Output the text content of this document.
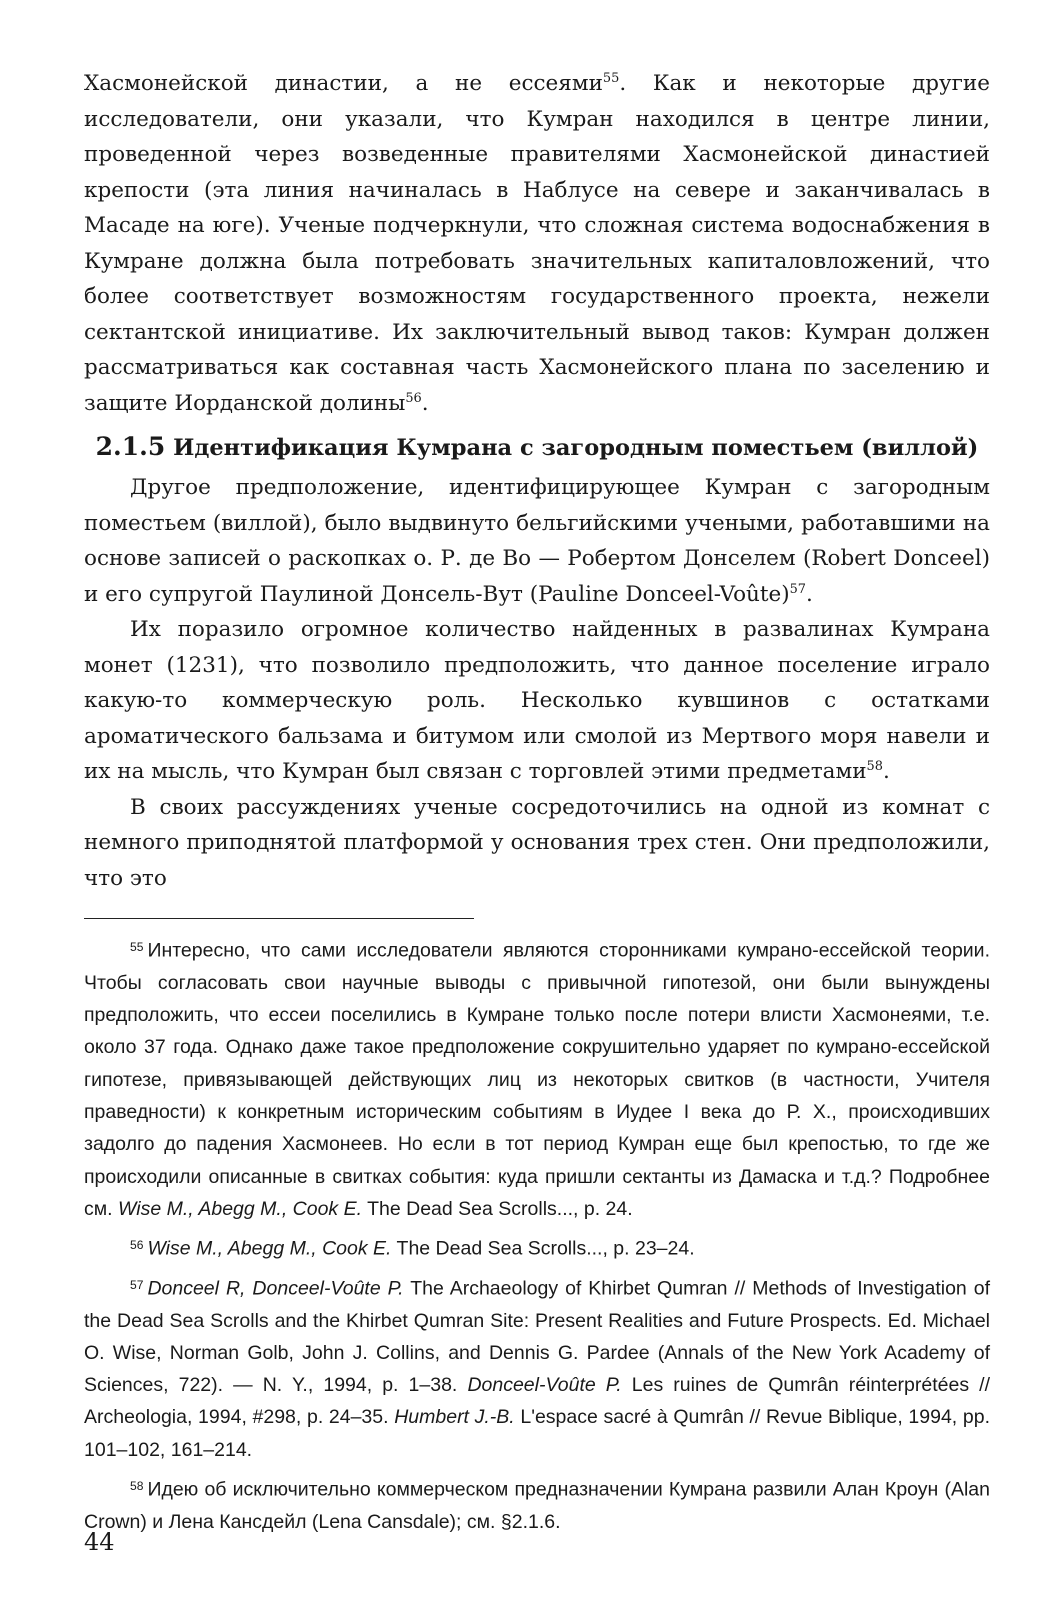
Хасмонейской династии, а не ессеями$^{55}$. Как и некоторые другие исследователи, они указали, что Кумран находился в центре линии, проведенной через возведенные правителями Хасмонейской династией крепости (эта линия начиналась в Наблусе на севере и заканчивалась в Масаде на юге). Ученые подчеркнули, что сложная система водоснабжения в Кумране должна была потребовать значительных капиталовложений, что более соответствует возможностям государственного проекта, нежели сектантской инициативе. Их заключительный вывод таков: Кумран должен рассматриваться как составная часть Хасмонейского плана по заселению и защите Иорданской долины$^{56}$.

2.1.5 Идентификация Кумрана с загородным поместьем (виллой)

Другое предположение, идентифицирующее Кумран с загородным поместьем (виллой), было выдвинуто бельгийскими учеными, работавшими на основе записей о раскопках о. Р. де Во — Робертом Донселем (Robert Donceel) и его супругой Паулиной Донсель-Вут (Pauline Donceel-Voûte)$^{57}$.

Их поразило огромное количество найденных в развалинах Кумрана монет (1231), что позволило предположить, что данное поселение играло какую-то коммерческую роль. Несколько кувшинов с остатками ароматического бальзама и битумом или смолой из Мертвого моря навели и их на мысль, что Кумран был связан с торговлей этими предметами$^{58}$.

В своих рассуждениях ученые сосредоточились на одной из комнат с немного приподнятой платформой у основания трех стен. Они предположили, что это

$^{55}$ Интересно, что сами исследователи являются сторонниками кумрано-ессейской теории. Чтобы согласовать свои научные выводы с привычной гипотезой, они были вынуждены предположить, что ессеи поселились в Кумране только после потери влисти Хасмонеями, т.е. около 37 года. Однако даже такое предположение сокрушительно ударяет по кумрано-ессейской гипотезе, привязывающей действующих лиц из некоторых свитков (в частности, Учителя праведности) к конкретным историческим событиям в Иудее I века до Р. Х., происходивших задолго до падения Хасмонеев. Но если в тот период Кумран еще был крепостью, то где же происходили описанные в свитках события: куда пришли сектанты из Дамаска и т.д.? Подробнее см. Wise M., Abegg M., Cook E. The Dead Sea Scrolls..., p. 24.

$^{56}$ Wise M., Abegg M., Cook E. The Dead Sea Scrolls..., p. 23–24.

$^{57}$ Donceel R, Donceel-Voûte P. The Archaeology of Khirbet Qumran // Methods of Investigation of the Dead Sea Scrolls and the Khirbet Qumran Site: Present Realities and Future Prospects. Ed. Michael O. Wise, Norman Golb, John J. Collins, and Dennis G. Pardee (Annals of the New York Academy of Sciences, 722). — N. Y., 1994, p. 1–38. Donceel-Voûte P. Les ruines de Qumrân réinterprétées // Archeologia, 1994, #298, p. 24–35. Humbert J.-B. L'espace sacré à Qumrân // Revue Biblique, 1994, pp. 101–102, 161–214.

$^{58}$ Идею об исключительно коммерческом предназначении Кумрана развили Алан Кроун (Alan Crown) и Лена Кансдейл (Lena Cansdale); см. §2.1.6.

44
